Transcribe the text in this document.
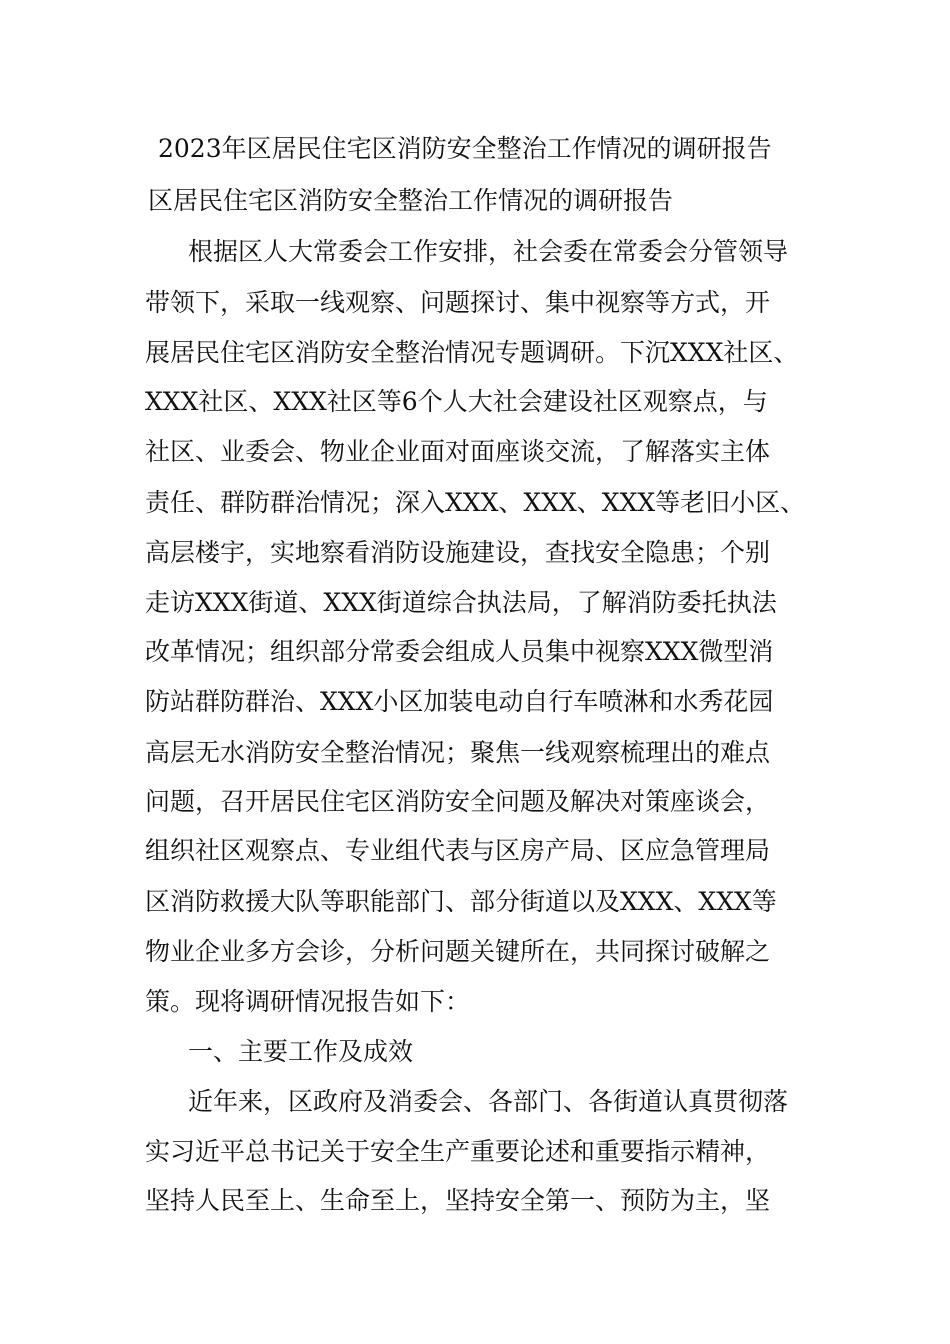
2023年区居民住宅区消防安全整治工作情况的调研报告
区居民住宅区消防安全整治工作情况的调研报告

根据区人大常委会工作安排，社会委在常委会分管领导

带领下，采取一线观察、问题探讨、集中视察等方式，开

展居民住宅区消防安全整治情况专题调研。下沉XXX社区、

XXX社区、XXX社区等6个人大社会建设社区观察点，与

社区、业委会、物业企业面对面座谈交流，了解落实主体

责任、群防群治情况；深入XXX、XXX、XXX等老旧小区、

高层楼宇，实地察看消防设施建设，查找安全隐患；个别

走访XXX街道、XXX街道综合执法局，了解消防委托执法

改革情况；组织部分常委会组成人员集中视察XXX微型消

防站群防群治、XXX小区加装电动自行车喷淋和水秀花园

高层无水消防安全整治情况；聚焦一线观察梳理出的难点

问题，召开居民住宅区消防安全问题及解决对策座谈会，

组织社区观察点、专业组代表与区房产局、区应急管理局

区消防救援大队等职能部门、部分街道以及XXX、XXX等

物业企业多方会诊，分析问题关键所在，共同探讨破解之

策。现将调研情况报告如下：

一、主要工作及成效

近年来，区政府及消委会、各部门、各街道认真贯彻落

实习近平总书记关于安全生产重要论述和重要指示精神，

坚持人民至上、生命至上，坚持安全第一、预防为主，坚
